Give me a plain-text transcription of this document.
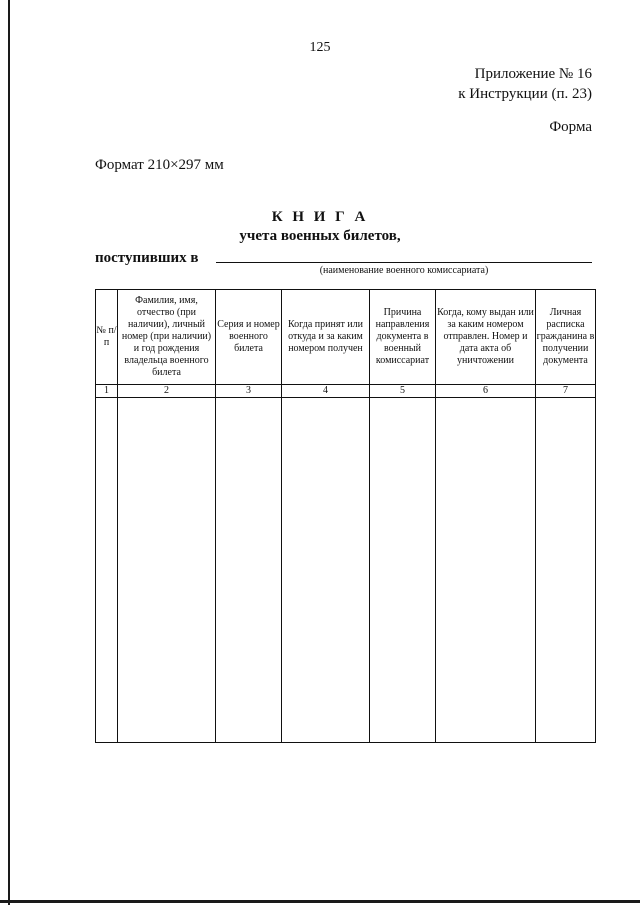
125
Приложение № 16
к Инструкции (п. 23)
Форма
Формат 210×297 мм
К Н И Г А
учета военных билетов,
поступивших в
(наименование военного комиссариата)
№ п/п	Фамилия, имя, отчество (при наличии), личный номер (при наличии) и год рождения владельца военного билета	Серия и номер военного билета	Когда принят или откуда и за каким номером получен	Причина направления документа в военный комиссариат	Когда, кому выдан или за каким номером отправлен. Номер и дата акта об уничтожении	Личная расписка гражданина в получении документа
1	2	3	4	5	6	7
